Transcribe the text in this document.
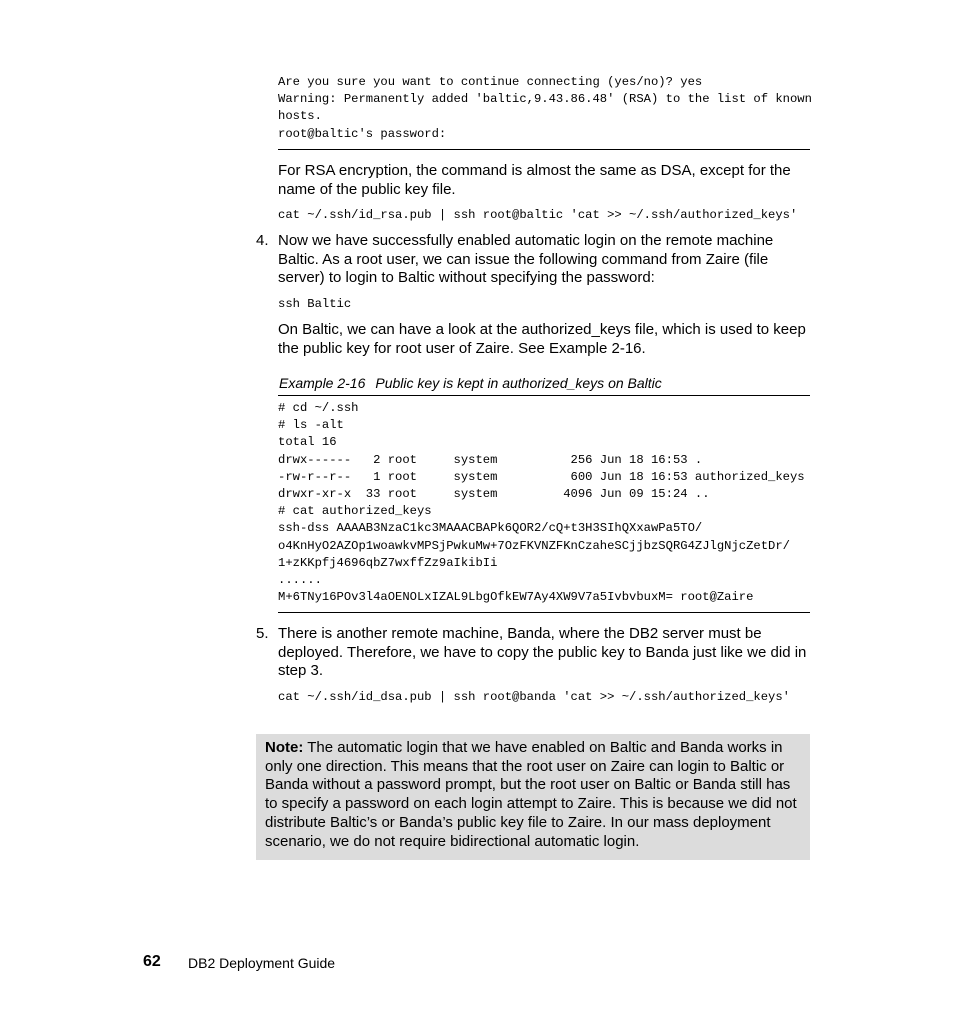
Are you sure you want to continue connecting (yes/no)? yes
Warning: Permanently added 'baltic,9.43.86.48' (RSA) to the list of known
hosts.
root@baltic's password:

For RSA encryption, the command is almost the same as DSA, except for the name of the public key file.

cat ~/.ssh/id_rsa.pub | ssh root@baltic 'cat >> ~/.ssh/authorized_keys'
4. Now we have successfully enabled automatic login on the remote machine Baltic. As a root user, we can issue the following command from Zaire (file server) to login to Baltic without specifying the password:

ssh Baltic

On Baltic, we can have a look at the authorized_keys file, which is used to keep the public key for root user of Zaire. See Example 2-16.

Example 2-16 Public key is kept in authorized_keys on Baltic
# cd ~/.ssh
# ls -alt
total 16
drwx------   2 root     system          256 Jun 18 16:53 .
-rw-r--r--   1 root     system          600 Jun 18 16:53 authorized_keys
drwxr-xr-x  33 root     system         4096 Jun 09 15:24 ..
# cat authorized_keys
ssh-dss AAAAB3NzaC1kc3MAAACBAPk6QOR2/cQ+t3H3SIhQXxawPa5TO/
o4KnHyO2AZOp1woawkvMPSjPwkuMw+7OzFKVNZFKnCzaheSCjjbzSQRG4ZJlgNjcZetDr/
1+zKKpfj4696qbZ7wxffZz9aIkibIi
......
M+6TNy16POv3l4aOENOLxIZAL9LbgOfkEW7Ay4XW9V7a5IvbvbuxM= root@Zaire
5. There is another remote machine, Banda, where the DB2 server must be deployed. Therefore, we have to copy the public key to Banda just like we did in step 3.

cat ~/.ssh/id_dsa.pub | ssh root@banda 'cat >> ~/.ssh/authorized_keys'
Note: The automatic login that we have enabled on Baltic and Banda works in only one direction. This means that the root user on Zaire can login to Baltic or Banda without a password prompt, but the root user on Baltic or Banda still has to specify a password on each login attempt to Zaire. This is because we did not distribute Baltic’s or Banda’s public key file to Zaire. In our mass deployment scenario, we do not require bidirectional automatic login.
62 DB2 Deployment Guide
